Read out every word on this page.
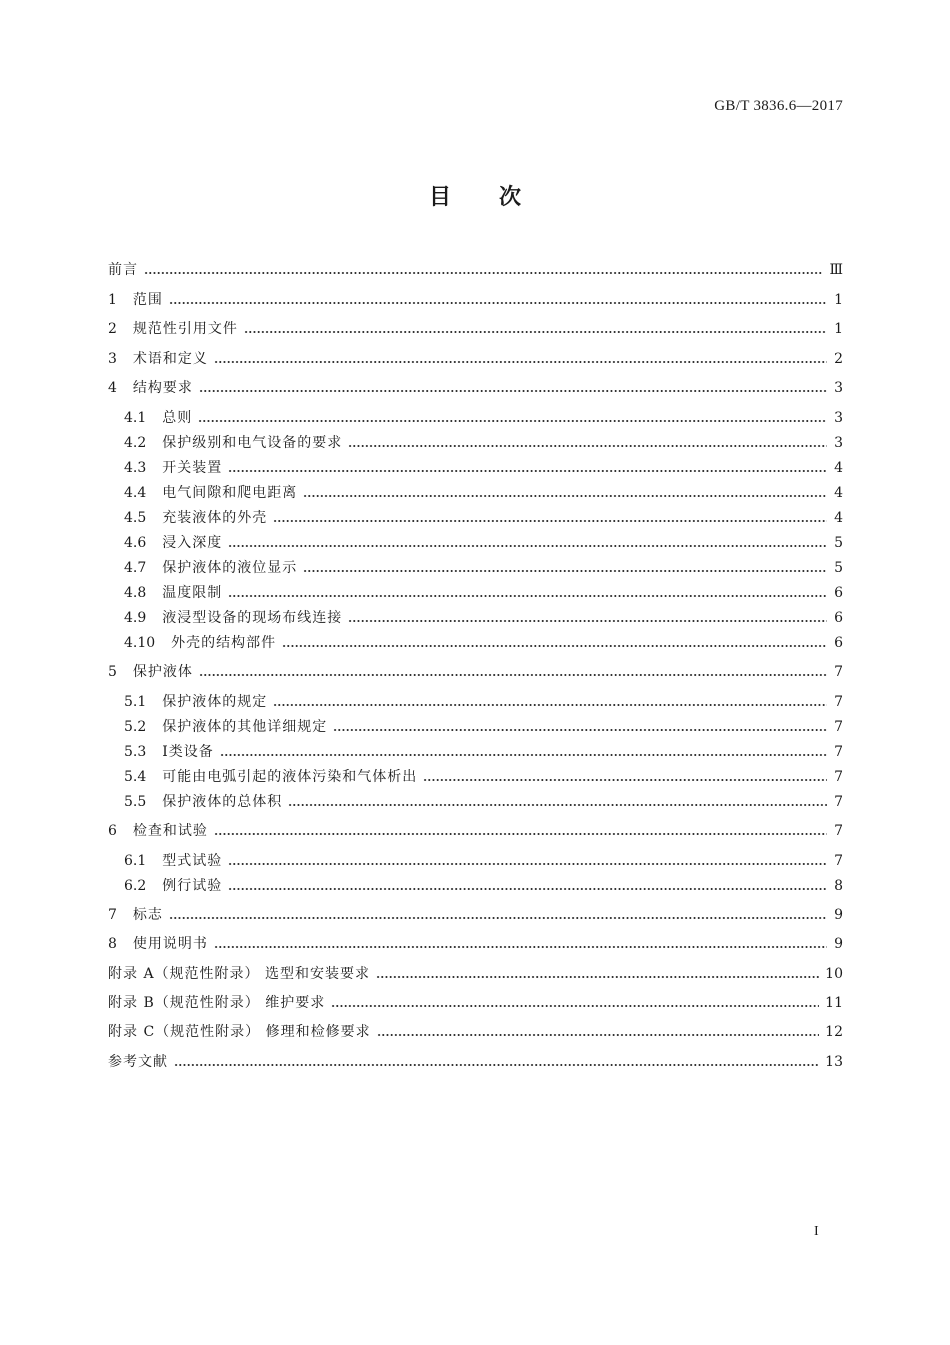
GB/T 3836.6—2017
目次
前言	Ⅲ
1 范围	1
2 规范性引用文件	1
3 术语和定义	2
4 结构要求	3
4.1 总则	3
4.2 保护级别和电气设备的要求	3
4.3 开关装置	4
4.4 电气间隙和爬电距离	4
4.5 充装液体的外壳	4
4.6 浸入深度	5
4.7 保护液体的液位显示	5
4.8 温度限制	6
4.9 液浸型设备的现场布线连接	6
4.10 外壳的结构部件	6
5 保护液体	7
5.1 保护液体的规定	7
5.2 保护液体的其他详细规定	7
5.3 Ⅰ类设备	7
5.4 可能由电弧引起的液体污染和气体析出	7
5.5 保护液体的总体积	7
6 检查和试验	7
6.1 型式试验	7
6.2 例行试验	8
7 标志	9
8 使用说明书	9
附录 A（规范性附录） 选型和安装要求	10
附录 B（规范性附录） 维护要求	11
附录 C（规范性附录） 修理和检修要求	12
参考文献	13
I
